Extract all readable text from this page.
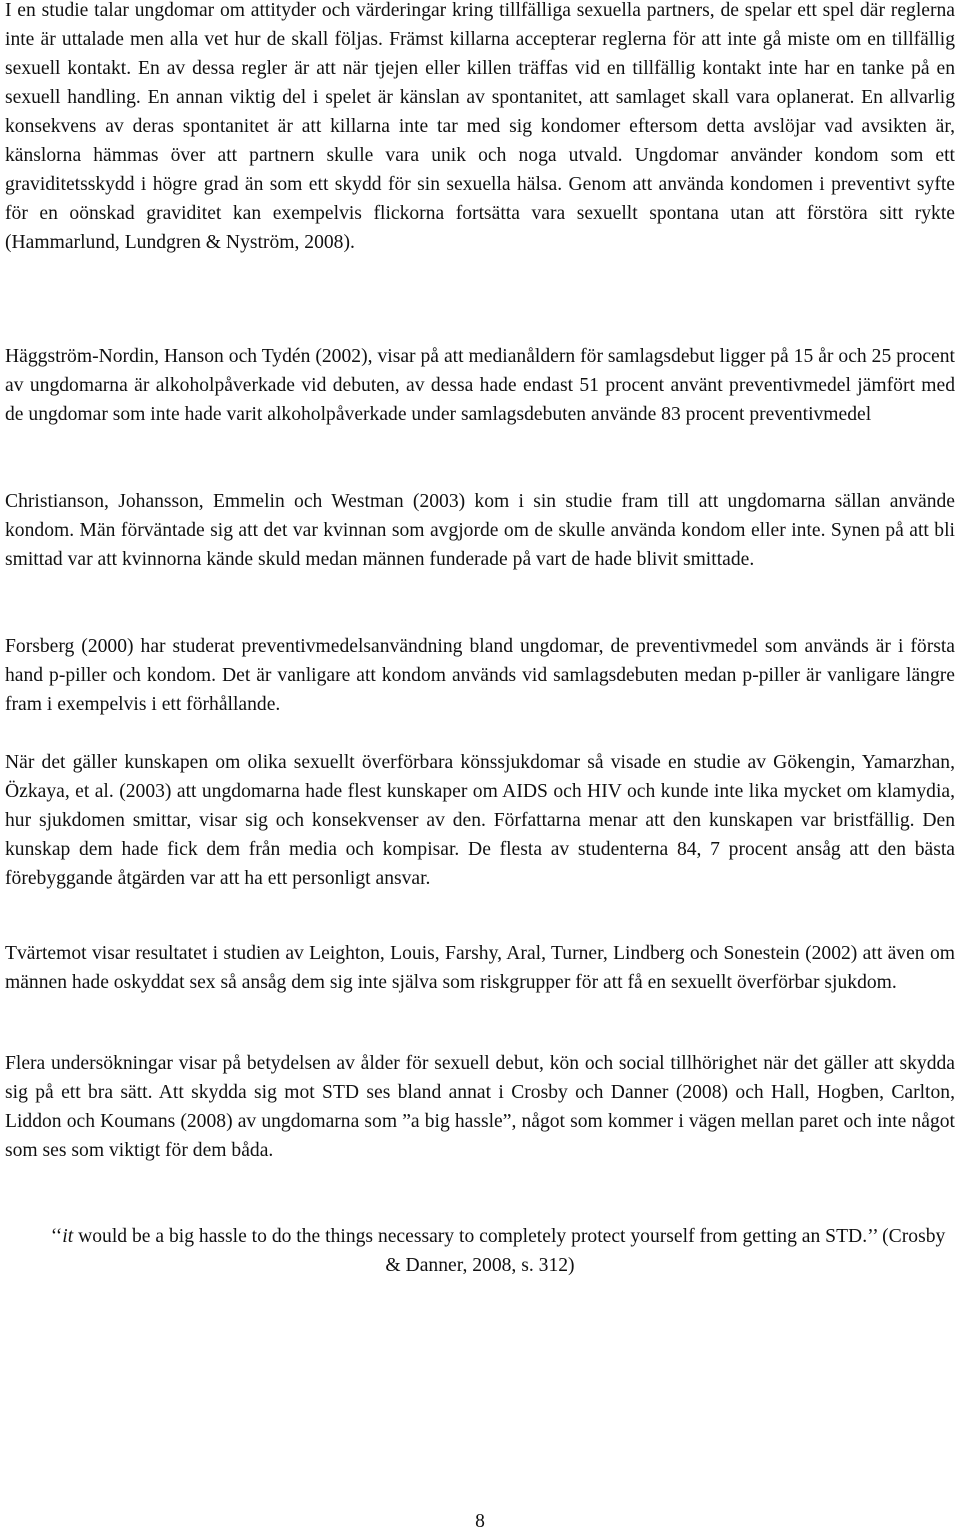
I en studie talar ungdomar om attityder och värderingar kring tillfälliga sexuella partners, de spelar ett spel där reglerna inte är uttalade men alla vet hur de skall följas. Främst killarna accepterar reglerna för att inte gå miste om en tillfällig sexuell kontakt. En av dessa regler är att när tjejen eller killen träffas vid en tillfällig kontakt inte har en tanke på en sexuell handling. En annan viktig del i spelet är känslan av spontanitet, att samlaget skall vara oplanerat. En allvarlig konsekvens av deras spontanitet är att killarna inte tar med sig kondomer eftersom detta avslöjar vad avsikten är, känslorna hämmas över att partnern skulle vara unik och noga utvald. Ungdomar använder kondom som ett graviditetsskydd i högre grad än som ett skydd för sin sexuella hälsa. Genom att använda kondomen i preventivt syfte för en oönskad graviditet kan exempelvis flickorna fortsätta vara sexuellt spontana utan att förstöra sitt rykte (Hammarlund, Lundgren & Nyström, 2008).

Häggström-Nordin, Hanson och Tydén (2002), visar på att medianåldern för samlagsdebut ligger på 15 år och 25 procent av ungdomarna är alkoholpåverkade vid debuten, av dessa hade endast 51 procent använt preventivmedel jämfört med de ungdomar som inte hade varit alkoholpåverkade under samlagsdebuten använde 83 procent preventivmedel

Christianson, Johansson, Emmelin och Westman (2003) kom i sin studie fram till att ungdomarna sällan använde kondom. Män förväntade sig att det var kvinnan som avgjorde om de skulle använda kondom eller inte. Synen på att bli smittad var att kvinnorna kände skuld medan männen funderade på vart de hade blivit smittade.

Forsberg (2000) har studerat preventivmedelsanvändning bland ungdomar, de preventivmedel som används är i första hand p-piller och kondom. Det är vanligare att kondom används vid samlagsdebuten medan p-piller är vanligare längre fram i exempelvis i ett förhållande.

När det gäller kunskapen om olika sexuellt överförbara könssjukdomar så visade en studie av Gökengin, Yamarzhan, Özkaya, et al. (2003) att ungdomarna hade flest kunskaper om AIDS och HIV och kunde inte lika mycket om klamydia, hur sjukdomen smittar, visar sig och konsekvenser av den. Författarna menar att den kunskapen var bristfällig. Den kunskap dem hade fick dem från media och kompisar. De flesta av studenterna 84, 7 procent ansåg att den bästa förebyggande åtgärden var att ha ett personligt ansvar.

Tvärtemot visar resultatet i studien av Leighton, Louis, Farshy, Aral, Turner, Lindberg och Sonestein (2002) att även om männen hade oskyddat sex så ansåg dem sig inte själva som riskgrupper för att få en sexuellt överförbar sjukdom.

Flera undersökningar visar på betydelsen av ålder för sexuell debut, kön och social tillhörighet när det gäller att skydda sig på ett bra sätt. Att skydda sig mot STD ses bland annat i Crosby och Danner (2008) och Hall, Hogben, Carlton, Liddon och Koumans (2008) av ungdomarna som ”a big hassle”, något som kommer i vägen mellan paret och inte något som ses som viktigt för dem båda.

‘‘it would be a big hassle to do the things necessary to completely protect yourself from getting an STD.’’ (Crosby & Danner, 2008, s. 312)

8
